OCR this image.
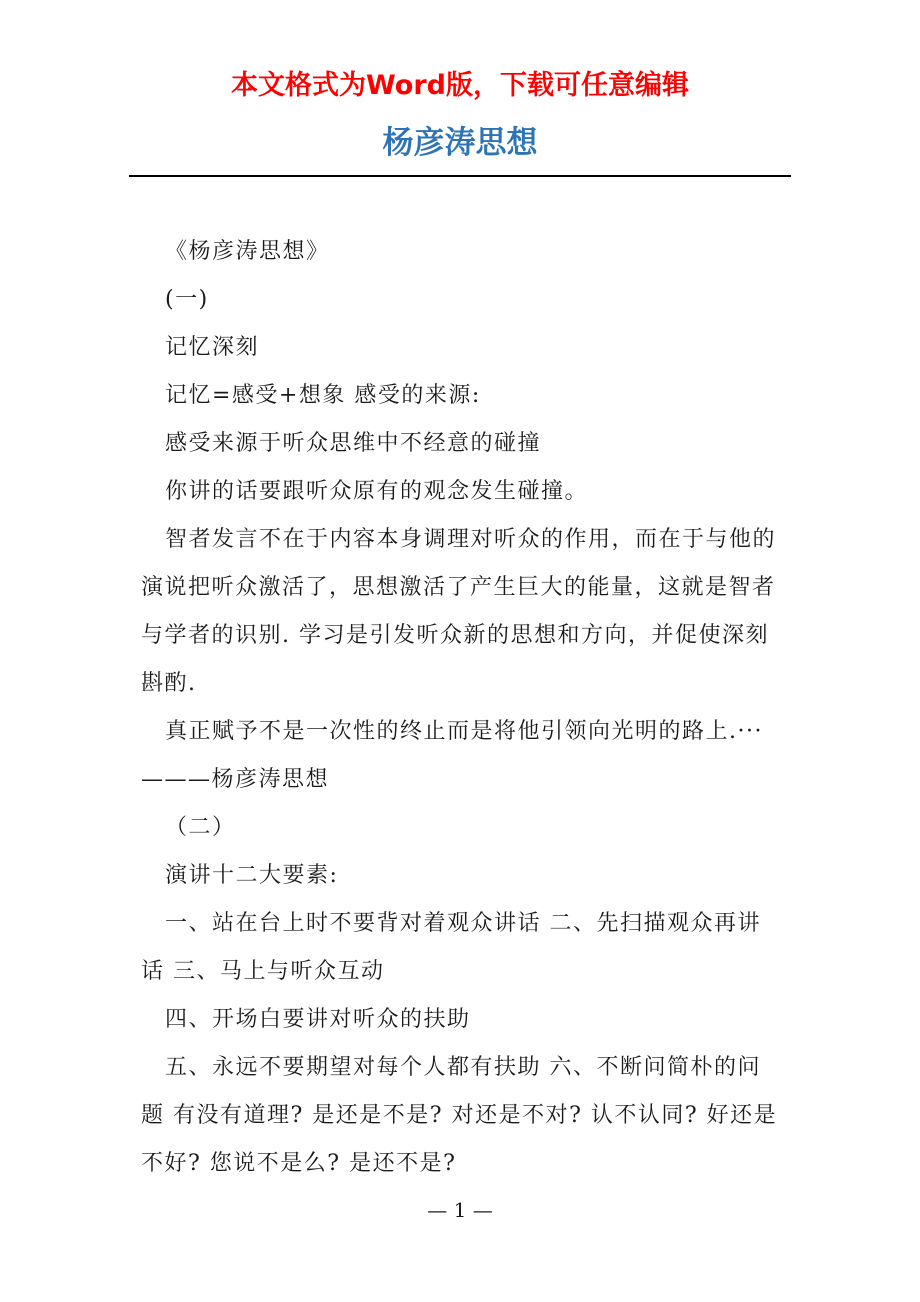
本文格式为Word版，下载可任意编辑
杨彦涛思想

《杨彦涛思想》

(一)

记忆深刻

记忆=感受+想象 感受的来源:

感受来源于听众思维中不经意的碰撞

你讲的话要跟听众原有的观念发生碰撞。

智者发言不在于内容本身调理对听众的作用，而在于与他的演说把听众激活了，思想激活了产生巨大的能量，这就是智者与学者的识别. 学习是引发听众新的思想和方向，并促使深刻斟酌.

真正赋予不是一次性的终止而是将他引领向光明的路上.···

———杨彦涛思想

（二）

演讲十二大要素:

一、站在台上时不要背对着观众讲话 二、先扫描观众再讲话 三、马上与听众互动

四、开场白要讲对听众的扶助

五、永远不要期望对每个人都有扶助 六、不断问简朴的问题 有没有道理? 是还是不是? 对还是不对? 认不认同? 好还是不好? 您说不是么? 是还不是?

— 1 —
